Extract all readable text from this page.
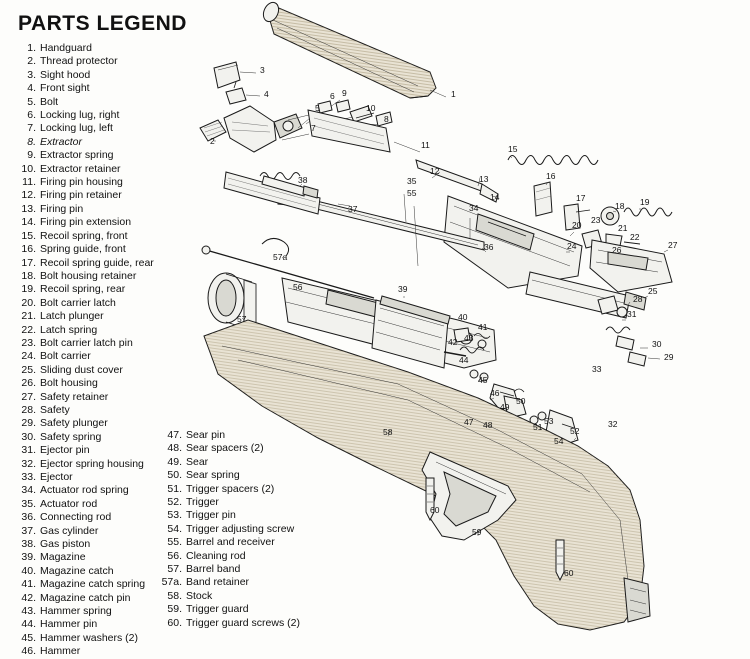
PARTS LEGEND
1. Handguard
2. Thread protector
3. Sight hood
4. Front sight
5. Bolt
6. Locking lug, right
7. Locking lug, left
8. Extractor
9. Extractor spring
10. Extractor retainer
11. Firing pin housing
12. Firing pin retainer
13. Firing pin
14. Firing pin extension
15. Recoil spring, front
16. Spring guide, front
17. Recoil spring guide, rear
18. Bolt housing retainer
19. Recoil spring, rear
20. Bolt carrier latch
21. Latch plunger
22. Latch spring
23. Bolt carrier latch pin
24. Bolt carrier
25. Sliding dust cover
26. Bolt housing
27. Safety retainer
28. Safety
29. Safety plunger
30. Safety spring
31. Ejector pin
32. Ejector spring housing
33. Ejector
34. Actuator rod spring
35. Actuator rod
36. Connecting rod
37. Gas cylinder
38. Gas piston
39. Magazine
40. Magazine catch
41. Magazine catch spring
42. Magazine catch pin
43. Hammer spring
44. Hammer pin
45. Hammer washers (2)
46. Hammer
47. Sear pin
48. Sear spacers (2)
49. Sear
50. Sear spring
51. Trigger spacers (2)
52. Trigger
53. Trigger pin
54. Trigger adjusting screw
55. Barrel and receiver
56. Cleaning rod
57. Barrel band
57a. Band retainer
58. Stock
59. Trigger guard
60. Trigger guard screws (2)
1
2
3
4
5
6
7
8
9
10
11
12
13
14
15
16
17
18 19
20	21
22
23
24
25
26	27
28
29
30
31
32
33
34
35
36
37
38
39
40
41
42 43
44
45
46
47 48
49
50
51	52
53
54
55
56
57
57a
58
59
60
60
